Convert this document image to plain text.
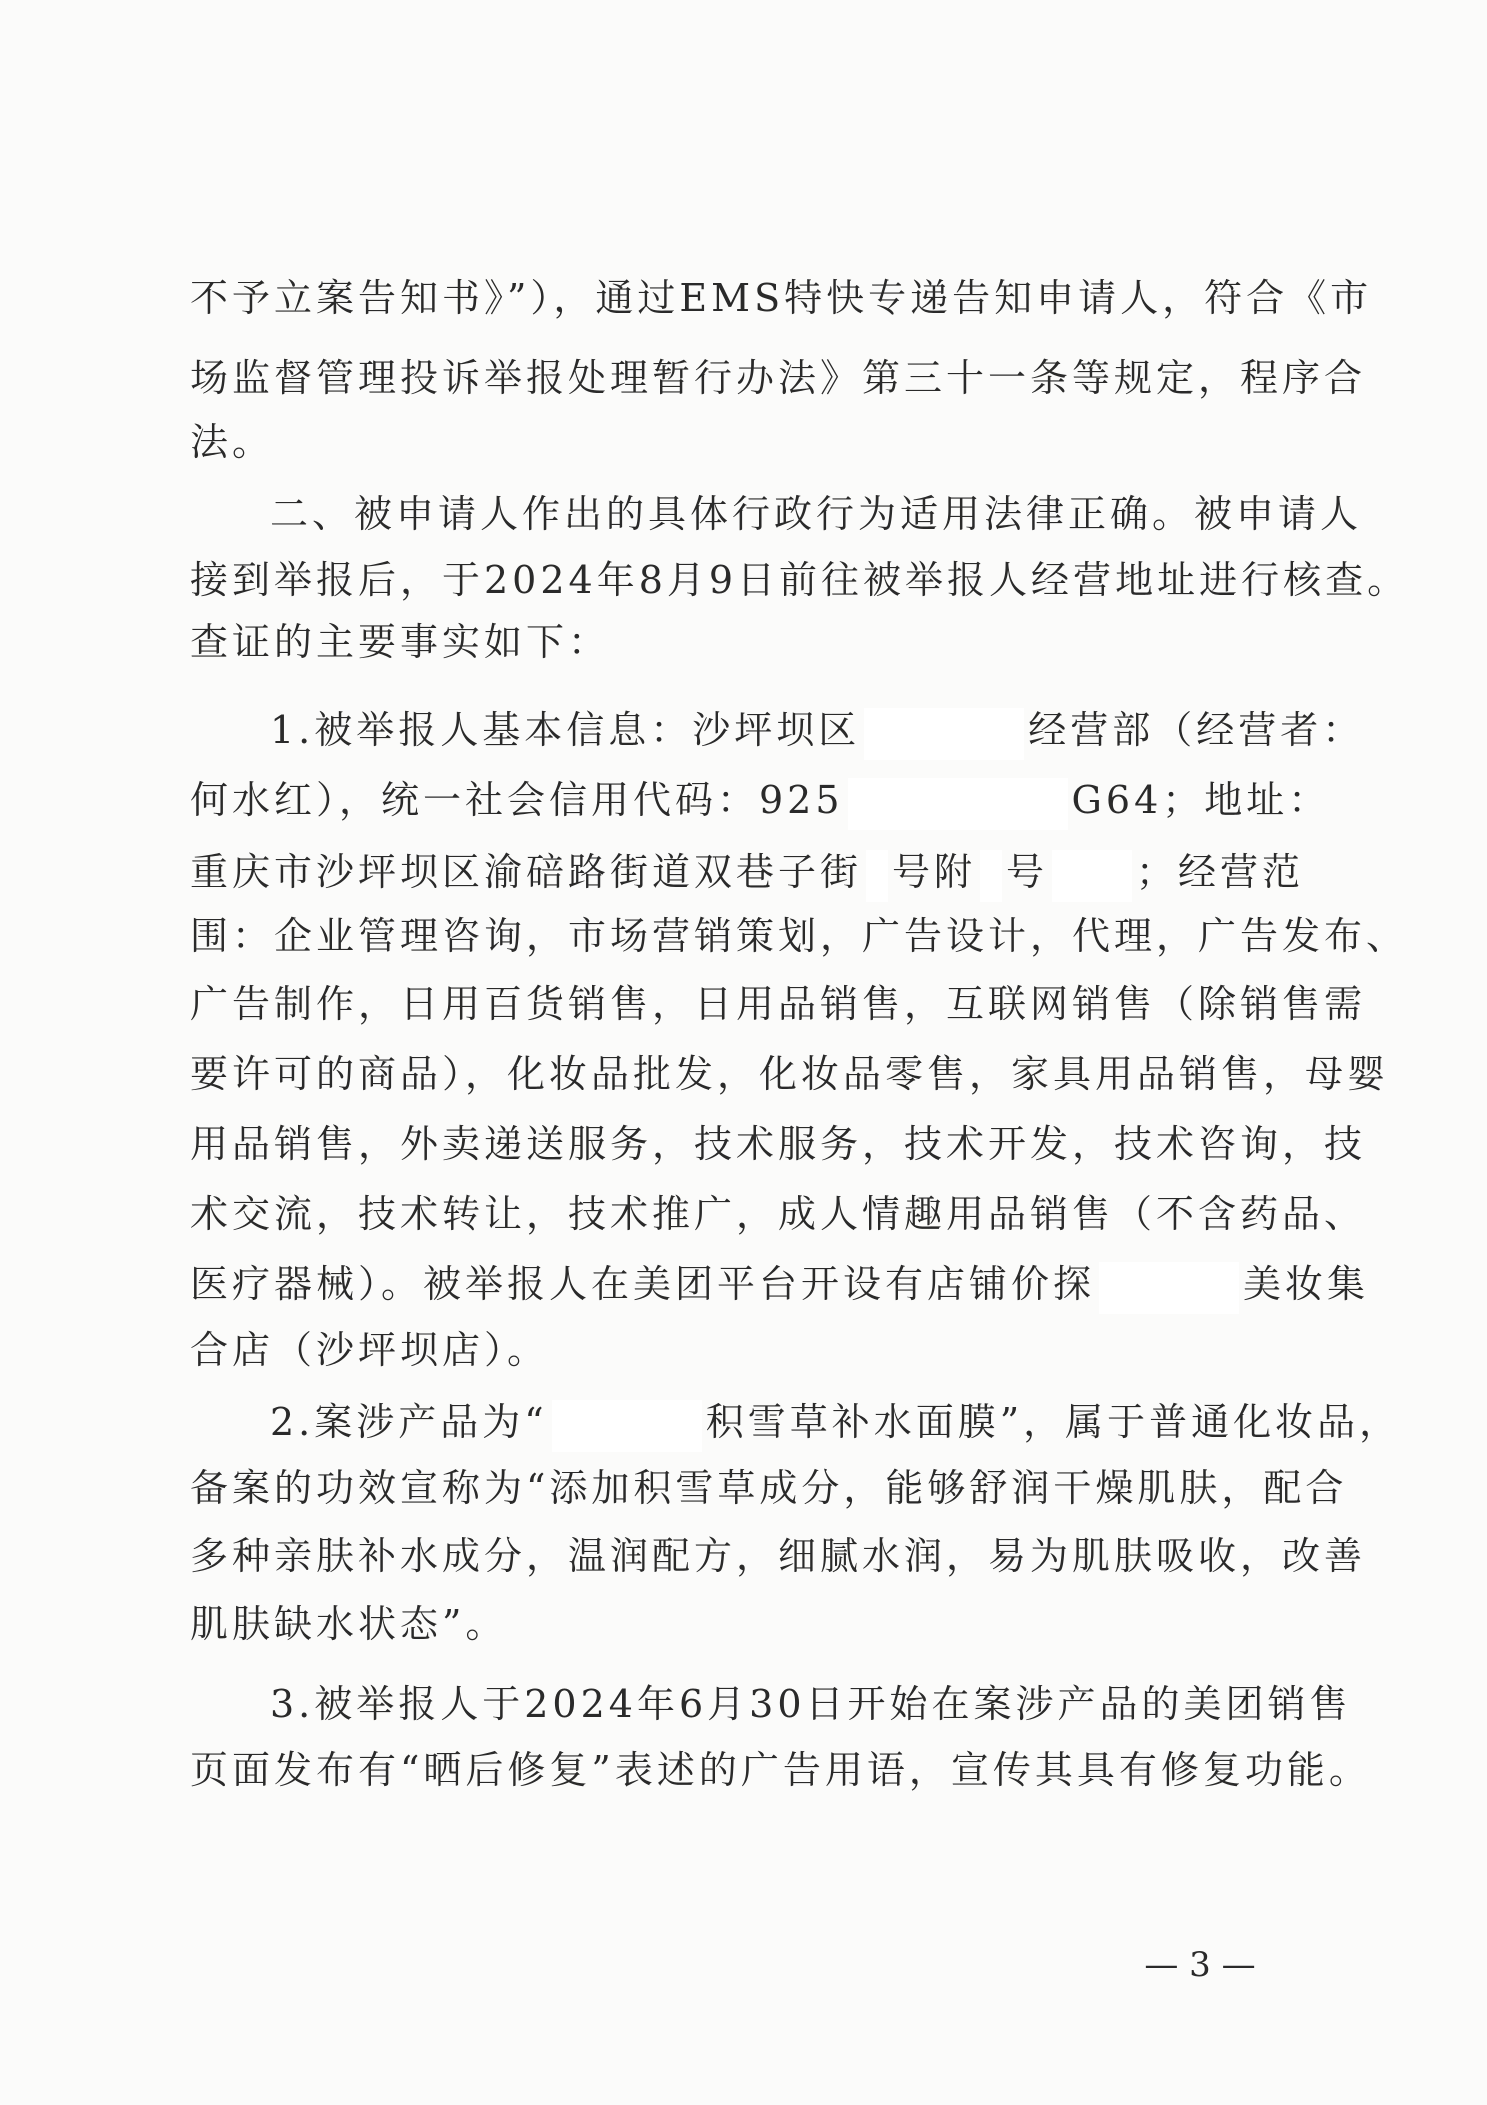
不予立案告知书》”），通过EMS特快专递告知申请人，符合《市
场监督管理投诉举报处理暂行办法》第三十一条等规定，程序合
法。
二、被申请人作出的具体行政行为适用法律正确。被申请人
接到举报后，于2024年8月9日前往被举报人经营地址进行核查。
查证的主要事实如下：
1.被举报人基本信息：沙坪坝区	经营部（经营者：
何水红），统一社会信用代码：925	G64；地址：
重庆市沙坪坝区渝碚路街道双巷子街 号附 号 ；经营范
围：企业管理咨询，市场营销策划，广告设计，代理，广告发布、
广告制作，日用百货销售，日用品销售，互联网销售（除销售需
要许可的商品），化妆品批发，化妆品零售，家具用品销售，母婴
用品销售，外卖递送服务，技术服务，技术开发，技术咨询，技
术交流，技术转让，技术推广，成人情趣用品销售（不含药品、
医疗器械）。被举报人在美团平台开设有店铺价探	美妆集
合店（沙坪坝店）。
2.案涉产品为“	积雪草补水面膜”，属于普通化妆品，
备案的功效宣称为“添加积雪草成分，能够舒润干燥肌肤，配合
多种亲肤补水成分，温润配方，细腻水润，易为肌肤吸收，改善
肌肤缺水状态”。
3.被举报人于2024年6月30日开始在案涉产品的美团销售
页面发布有“晒后修复”表述的广告用语，宣传其具有修复功能。
— 3 —
